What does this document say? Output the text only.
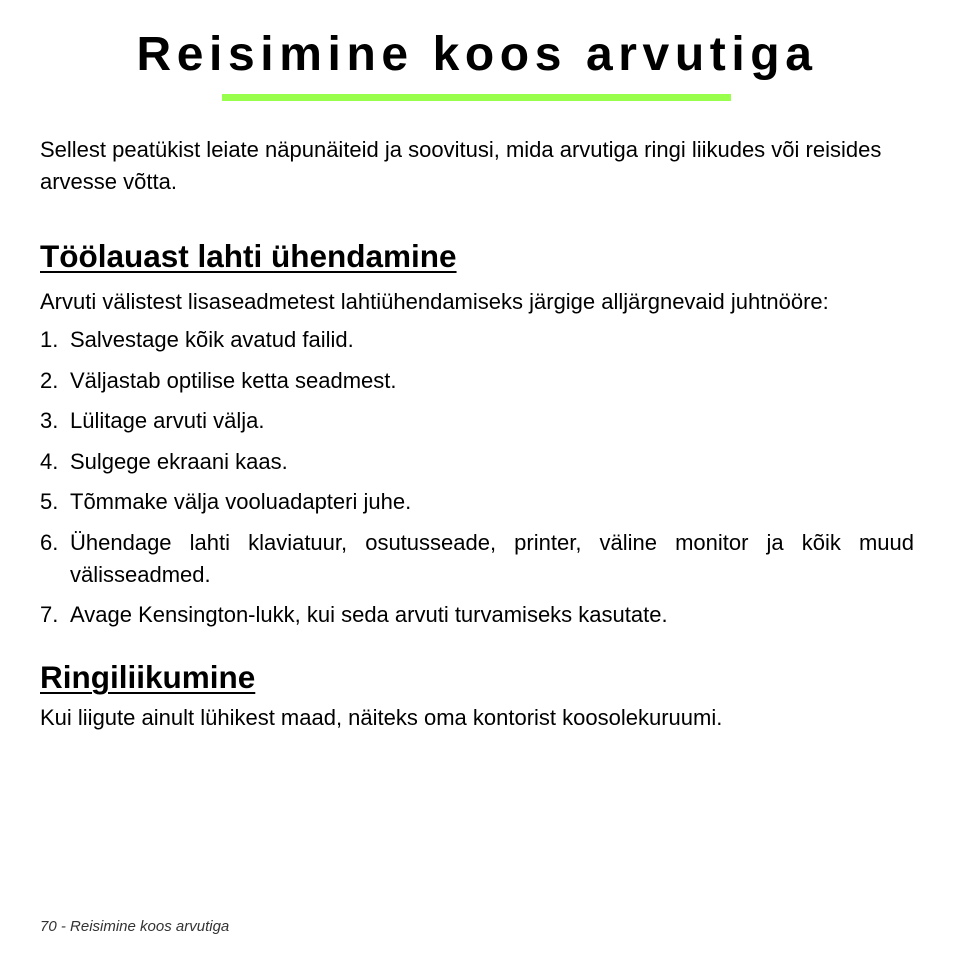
Reisimine koos arvutiga

Sellest peatükist leiate näpunäiteid ja soovitusi, mida arvutiga ringi liikudes või reisides arvesse võtta.

Töölauast lahti ühendamine

Arvuti välistest lisaseadmetest lahtiühendamiseks järgige alljärgnevaid juhtnööre:

1. Salvestage kõik avatud failid.
2. Väljastab optilise ketta seadmest.
3. Lülitage arvuti välja.
4. Sulgege ekraani kaas.
5. Tõmmake välja vooluadapteri juhe.
6. Ühendage lahti klaviatuur, osutusseade, printer, väline monitor ja kõik muud välisseadmed.
7. Avage Kensington-lukk, kui seda arvuti turvamiseks kasutate.
Ringiliikumine

Kui liigute ainult lühikest maad, näiteks oma kontorist koosolekuruumi.

70 - Reisimine koos arvutiga
